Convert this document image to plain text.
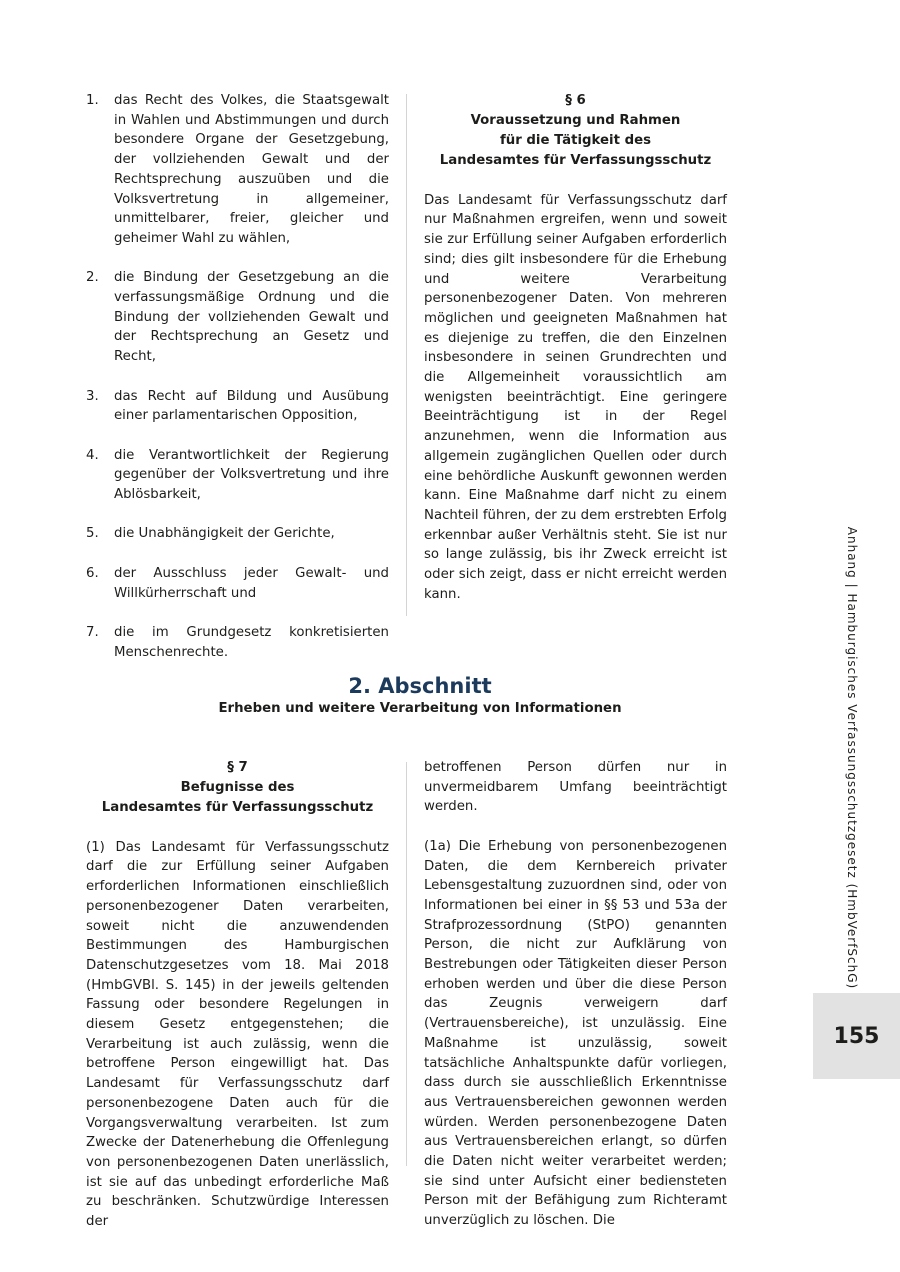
1. das Recht des Volkes, die Staatsgewalt in Wahlen und Abstimmungen und durch besondere Organe der Gesetzgebung, der vollziehenden Gewalt und der Rechtsprechung auszuüben und die Volksvertretung in allgemeiner, unmittelbarer, freier, gleicher und geheimer Wahl zu wählen,
2. die Bindung der Gesetzgebung an die verfassungsmäßige Ordnung und die Bindung der vollziehenden Gewalt und der Rechtsprechung an Gesetz und Recht,
3. das Recht auf Bildung und Ausübung einer parlamentarischen Opposition,
4. die Verantwortlichkeit der Regierung gegenüber der Volksvertretung und ihre Ablösbarkeit,
5. die Unabhängigkeit der Gerichte,
6. der Ausschluss jeder Gewalt- und Willkürherrschaft und
7. die im Grundgesetz konkretisierten Menschenrechte.
§ 6
Voraussetzung und Rahmen
für die Tätigkeit des
Landesamtes für Verfassungsschutz

Das Landesamt für Verfassungsschutz darf nur Maßnahmen ergreifen, wenn und soweit sie zur Erfüllung seiner Aufgaben erforderlich sind; dies gilt insbesondere für die Erhebung und weitere Verarbeitung personenbezogener Daten. Von mehreren möglichen und geeigneten Maßnahmen hat es diejenige zu treffen, die den Einzelnen insbesondere in seinen Grundrechten und die Allgemeinheit voraussichtlich am wenigsten beeinträchtigt. Eine geringere Beeinträchtigung ist in der Regel anzunehmen, wenn die Information aus allgemein zugänglichen Quellen oder durch eine behördliche Auskunft gewonnen werden kann. Eine Maßnahme darf nicht zu einem Nachteil führen, der zu dem erstrebten Erfolg erkennbar außer Verhältnis steht. Sie ist nur so lange zulässig, bis ihr Zweck erreicht ist oder sich zeigt, dass er nicht erreicht werden kann.

2. Abschnitt
Erheben und weitere Verarbeitung von Informationen
§ 7
Befugnisse des
Landesamtes für Verfassungsschutz

(1) Das Landesamt für Verfassungsschutz darf die zur Erfüllung seiner Aufgaben erforderlichen Informationen einschließlich personenbezogener Daten verarbeiten, soweit nicht die anzuwendenden Bestimmungen des Hamburgischen Datenschutzgesetzes vom 18. Mai 2018 (HmbGVBl. S. 145) in der jeweils geltenden Fassung oder besondere Regelungen in diesem Gesetz entgegenstehen; die Verarbeitung ist auch zulässig, wenn die betroffene Person eingewilligt hat. Das Landesamt für Verfassungsschutz darf personenbezogene Daten auch für die Vorgangsverwaltung verarbeiten. Ist zum Zwecke der Datenerhebung die Offenlegung von personenbezogenen Daten unerlässlich, ist sie auf das unbedingt erforderliche Maß zu beschränken. Schutzwürdige Interessen der

betroffenen Person dürfen nur in unvermeidbarem Umfang beeinträchtigt werden.

(1a) Die Erhebung von personenbezogenen Daten, die dem Kernbereich privater Lebensgestaltung zuzuordnen sind, oder von Informationen bei einer in §§ 53 und 53a der Strafprozessordnung (StPO) genannten Person, die nicht zur Aufklärung von Bestrebungen oder Tätigkeiten dieser Person erhoben werden und über die diese Person das Zeugnis verweigern darf (Vertrauensbereiche), ist unzulässig. Eine Maßnahme ist unzulässig, soweit tatsächliche Anhaltspunkte dafür vorliegen, dass durch sie ausschließlich Erkenntnisse aus Vertrauensbereichen gewonnen werden würden. Werden personenbezogene Daten aus Vertrauensbereichen erlangt, so dürfen die Daten nicht weiter verarbeitet werden; sie sind unter Aufsicht einer bediensteten Person mit der Befähigung zum Richteramt unverzüglich zu löschen. Die

Anhang | Hamburgisches Verfassungsschutzgesetz (HmbVerfSchG)
155
